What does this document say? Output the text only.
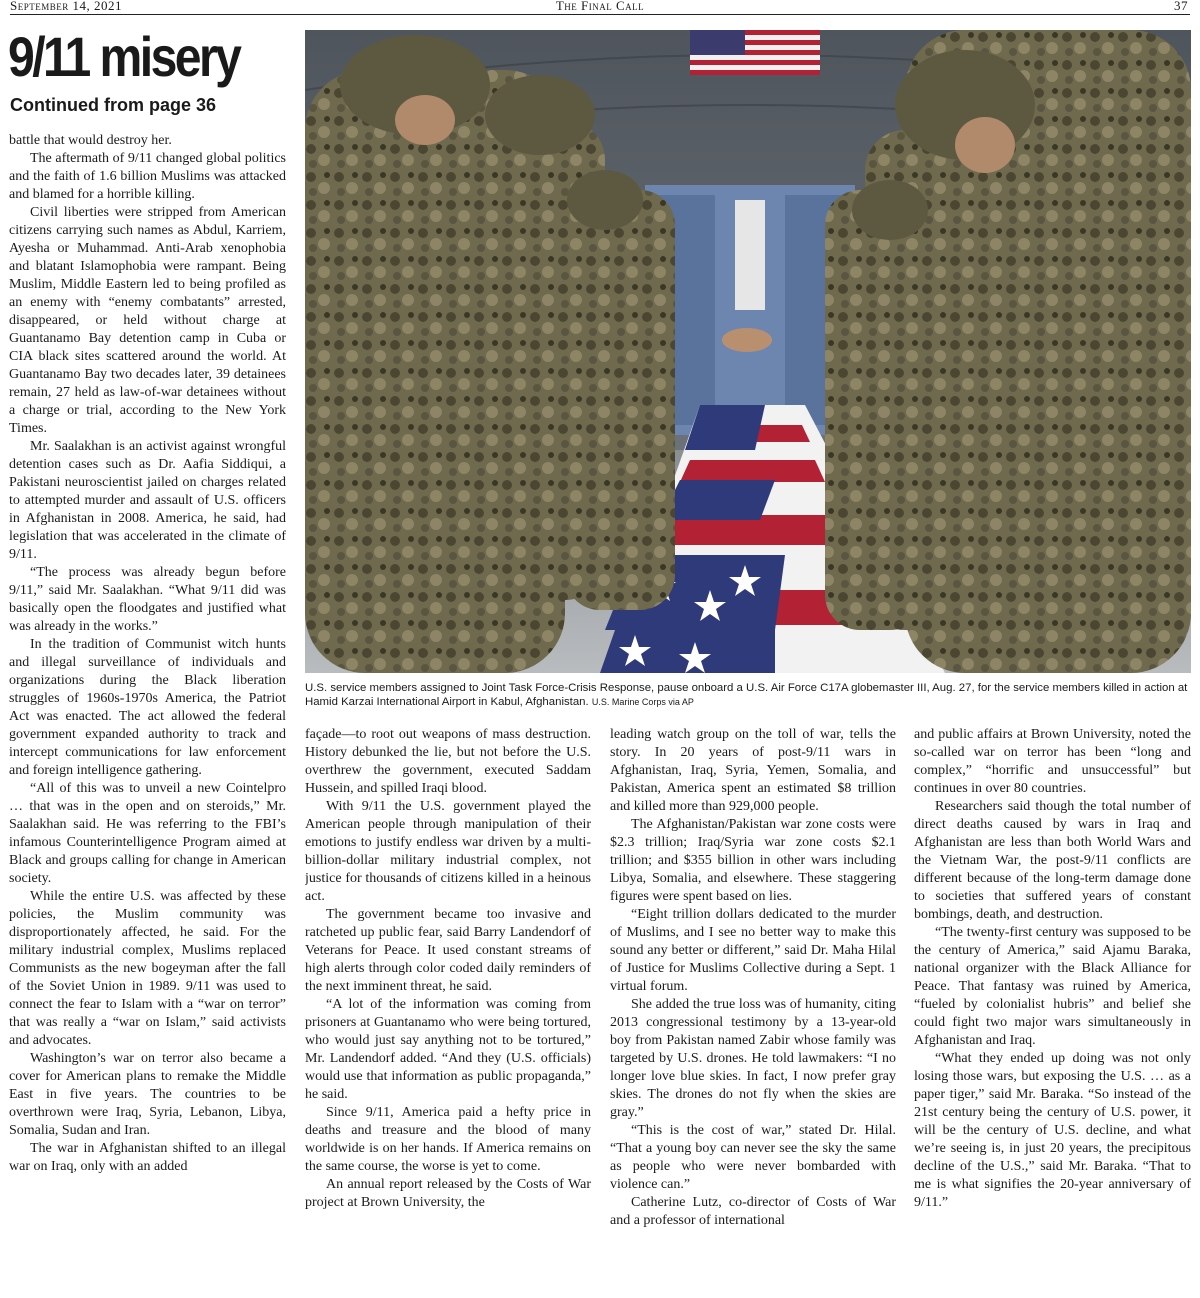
September 14, 2021	The Final Call	37
9/11 misery
Continued from page 36

battle that would destroy her.

The aftermath of 9/11 changed global politics and the faith of 1.6 billion Muslims was attacked and blamed for a horrible killing.

Civil liberties were stripped from American citizens carrying such names as Abdul, Karriem, Ayesha or Muhammad. Anti-Arab xenophobia and blatant Islamophobia were rampant. Being Muslim, Middle Eastern led to being profiled as an enemy with “enemy combatants” arrested, disappeared, or held without charge at Guantanamo Bay detention camp in Cuba or CIA black sites scattered around the world. At Guantanamo Bay two decades later, 39 detainees remain, 27 held as law-of-war detainees without a charge or trial, according to the New York Times.

Mr. Saalakhan is an activist against wrongful detention cases such as Dr. Aafia Siddiqui, a Pakistani neuroscientist jailed on charges related to attempted murder and assault of U.S. officers in Afghanistan in 2008. America, he said, had legislation that was accelerated in the climate of 9/11.

“The process was already begun before 9/11,” said Mr. Saalakhan. “What 9/11 did was basically open the floodgates and justified what was already in the works.”

In the tradition of Communist witch hunts and illegal surveillance of individuals and organizations during the Black liberation struggles of 1960s-1970s America, the Patriot Act was enacted. The act allowed the federal government expanded authority to track and intercept communications for law enforcement and foreign intelligence gathering.

“All of this was to unveil a new Cointelpro … that was in the open and on steroids,” Mr. Saalakhan said. He was referring to the FBI’s infamous Counterintelligence Program aimed at Black and groups calling for change in American society.

While the entire U.S. was affected by these policies, the Muslim community was disproportionately affected, he said. For the military industrial complex, Muslims replaced Communists as the new bogeyman after the fall of the Soviet Union in 1989. 9/11 was used to connect the fear to Islam with a “war on terror” that was really a “war on Islam,” said activists and advocates.

Washington’s war on terror also became a cover for American plans to remake the Middle East in five years. The countries to be overthrown were Iraq, Syria, Lebanon, Libya, Somalia, Sudan and Iran.

The war in Afghanistan shifted to an illegal war on Iraq, only with an added

U.S. service members assigned to Joint Task Force-Crisis Response, pause onboard a U.S. Air Force C17A globemaster III, Aug. 27, for the service members killed in action at Hamid Karzai International Airport in Kabul, Afghanistan. U.S. Marine Corps via AP

façade—to root out weapons of mass destruction. History debunked the lie, but not before the U.S. overthrew the government, executed Saddam Hussein, and spilled Iraqi blood.

With 9/11 the U.S. government played the American people through manipulation of their emotions to justify endless war driven by a multi-billion-dollar military industrial complex, not justice for thousands of citizens killed in a heinous act.

The government became too invasive and ratcheted up public fear, said Barry Landendorf of Veterans for Peace. It used constant streams of high alerts through color coded daily reminders of the next imminent threat, he said.

“A lot of the information was coming from prisoners at Guantanamo who were being tortured, who would just say anything not to be tortured,” Mr. Landendorf added. “And they (U.S. officials) would use that information as public propaganda,” he said.

Since 9/11, America paid a hefty price in deaths and treasure and the blood of many worldwide is on her hands. If America remains on the same course, the worse is yet to come.

An annual report released by the Costs of War project at Brown University, the

leading watch group on the toll of war, tells the story. In 20 years of post-9/11 wars in Afghanistan, Iraq, Syria, Yemen, Somalia, and Pakistan, America spent an estimated $8 trillion and killed more than 929,000 people.

The Afghanistan/Pakistan war zone costs were $2.3 trillion; Iraq/Syria war zone costs $2.1 trillion; and $355 billion in other wars including Libya, Somalia, and elsewhere. These staggering figures were spent based on lies.

“Eight trillion dollars dedicated to the murder of Muslims, and I see no better way to make this sound any better or different,” said Dr. Maha Hilal of Justice for Muslims Collective during a Sept. 1 virtual forum.

She added the true loss was of humanity, citing 2013 congressional testimony by a 13-year-old boy from Pakistan named Zabir whose family was targeted by U.S. drones. He told lawmakers: “I no longer love blue skies. In fact, I now prefer gray skies. The drones do not fly when the skies are gray.”

“This is the cost of war,” stated Dr. Hilal. “That a young boy can never see the sky the same as people who were never bombarded with violence can.”

Catherine Lutz, co-director of Costs of War and a professor of international

and public affairs at Brown University, noted the so-called war on terror has been “long and complex,” “horrific and unsuccessful” but continues in over 80 countries.

Researchers said though the total number of direct deaths caused by wars in Iraq and Afghanistan are less than both World Wars and the Vietnam War, the post-9/11 conflicts are different because of the long-term damage done to societies that suffered years of constant bombings, death, and destruction.

“The twenty-first century was supposed to be the century of America,” said Ajamu Baraka, national organizer with the Black Alliance for Peace. That fantasy was ruined by America, “fueled by colonialist hubris” and belief she could fight two major wars simultaneously in Afghanistan and Iraq.

“What they ended up doing was not only losing those wars, but exposing the U.S. … as a paper tiger,” said Mr. Baraka. “So instead of the 21st century being the century of U.S. power, it will be the century of U.S. decline, and what we’re seeing is, in just 20 years, the precipitous decline of the U.S.,” said Mr. Baraka. “That to me is what signifies the 20-year anniversary of 9/11.”
